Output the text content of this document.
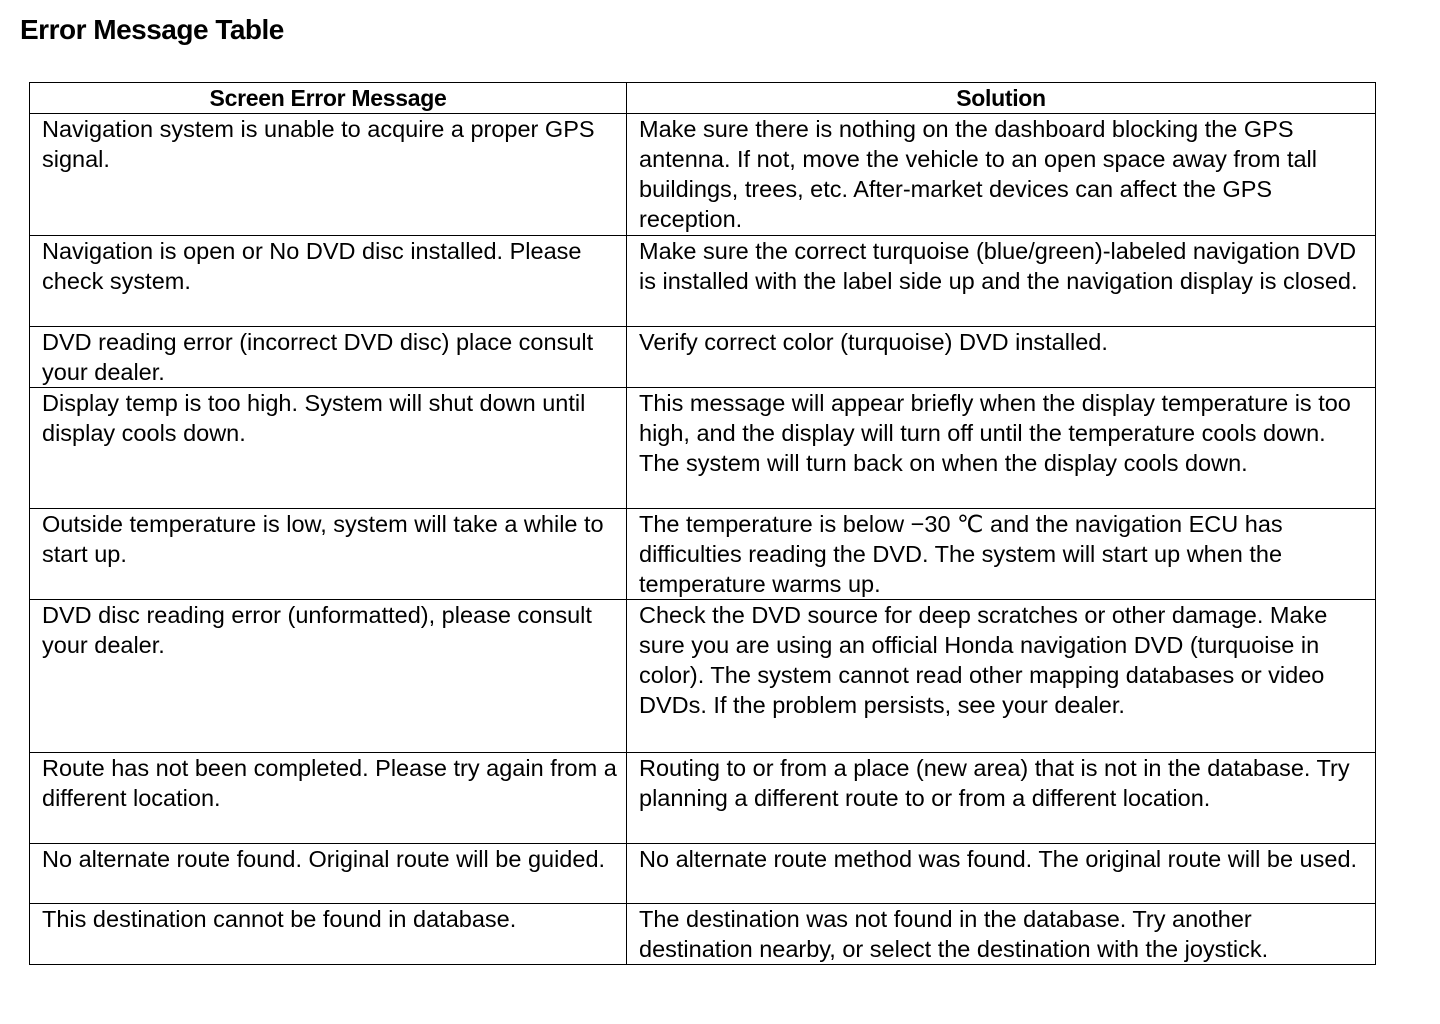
Error Message Table
Screen Error Message	Solution

Navigation system is unable to acquire a proper GPS signal.	Make sure there is nothing on the dashboard blocking the GPS antenna. If not, move the vehicle to an open space away from tall buildings, trees, etc. After-market devices can affect the GPS reception.

Navigation is open or No DVD disc installed. Please check system.	Make sure the correct turquoise (blue/green)-labeled navigation DVD is installed with the label side up and the navigation display is closed.

DVD reading error (incorrect DVD disc) place consult your dealer.	Verify correct color (turquoise) DVD installed.

Display temp is too high. System will shut down until display cools down.	This message will appear briefly when the display temperature is too high, and the display will turn off until the temperature cools down. The system will turn back on when the display cools down.

Outside temperature is low, system will take a while to start up.	The temperature is below −30 ℃ and the navigation ECU has difficulties reading the DVD. The system will start up when the temperature warms up.

DVD disc reading error (unformatted), please consult your dealer.	Check the DVD source for deep scratches or other damage. Make sure you are using an official Honda navigation DVD (turquoise in color). The system cannot read other mapping databases or video DVDs. If the problem persists, see your dealer.

Route has not been completed. Please try again from a different location.	Routing to or from a place (new area) that is not in the database. Try planning a different route to or from a different location.

No alternate route found. Original route will be guided.	No alternate route method was found. The original route will be used.

This destination cannot be found in database.	The destination was not found in the database. Try another destination nearby, or select the destination with the joystick.
